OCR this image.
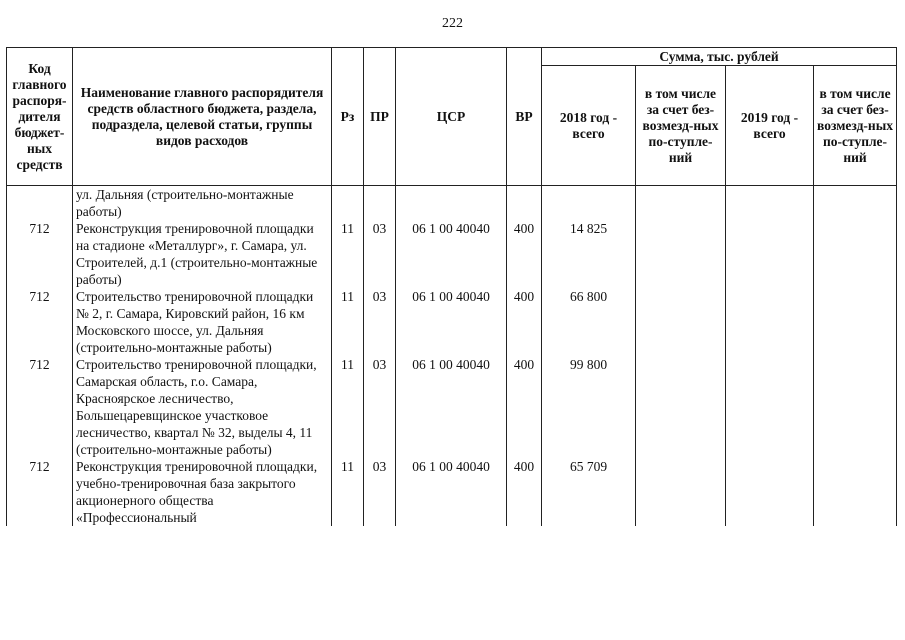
222
Код главного распоря-дителя бюджет-ных средств	Наименование главного распорядителя средств областного бюджета, раздела, подраздела, целевой статьи, группы видов расходов	Рз	ПР	ЦСР	ВР	Сумма, тыс. рублей			
						2018 год - всего	в том числе за счет без-возмезд-ных по-ступле-ний	2019 год - всего	в том числе за счет без-возмезд-ных по-ступле-ний
	ул. Дальняя (строительно-монтажные работы)								
712	Реконструкция тренировочной площадки на стадионе «Металлург», г. Самара, ул. Строителей, д.1 (строительно-монтажные работы)	11	03	06 1 00 40040	400	14 825			
712	Строительство тренировочной площадки № 2, г. Самара, Кировский район, 16 км Московского шоссе, ул. Дальняя (строительно-монтажные работы)	11	03	06 1 00 40040	400	66 800			
712	Строительство тренировочной площадки, Самарская область, г.о. Самара, Красноярское лесничество, Большецаревщинское участковое лесничество, квартал № 32, выделы 4, 11 (строительно-монтажные работы)	11	03	06 1 00 40040	400	99 800			
712	Реконструкция тренировочной площадки, учебно-тренировочная база закрытого акционерного общества «Профессиональный	11	03	06 1 00 40040	400	65 709			
